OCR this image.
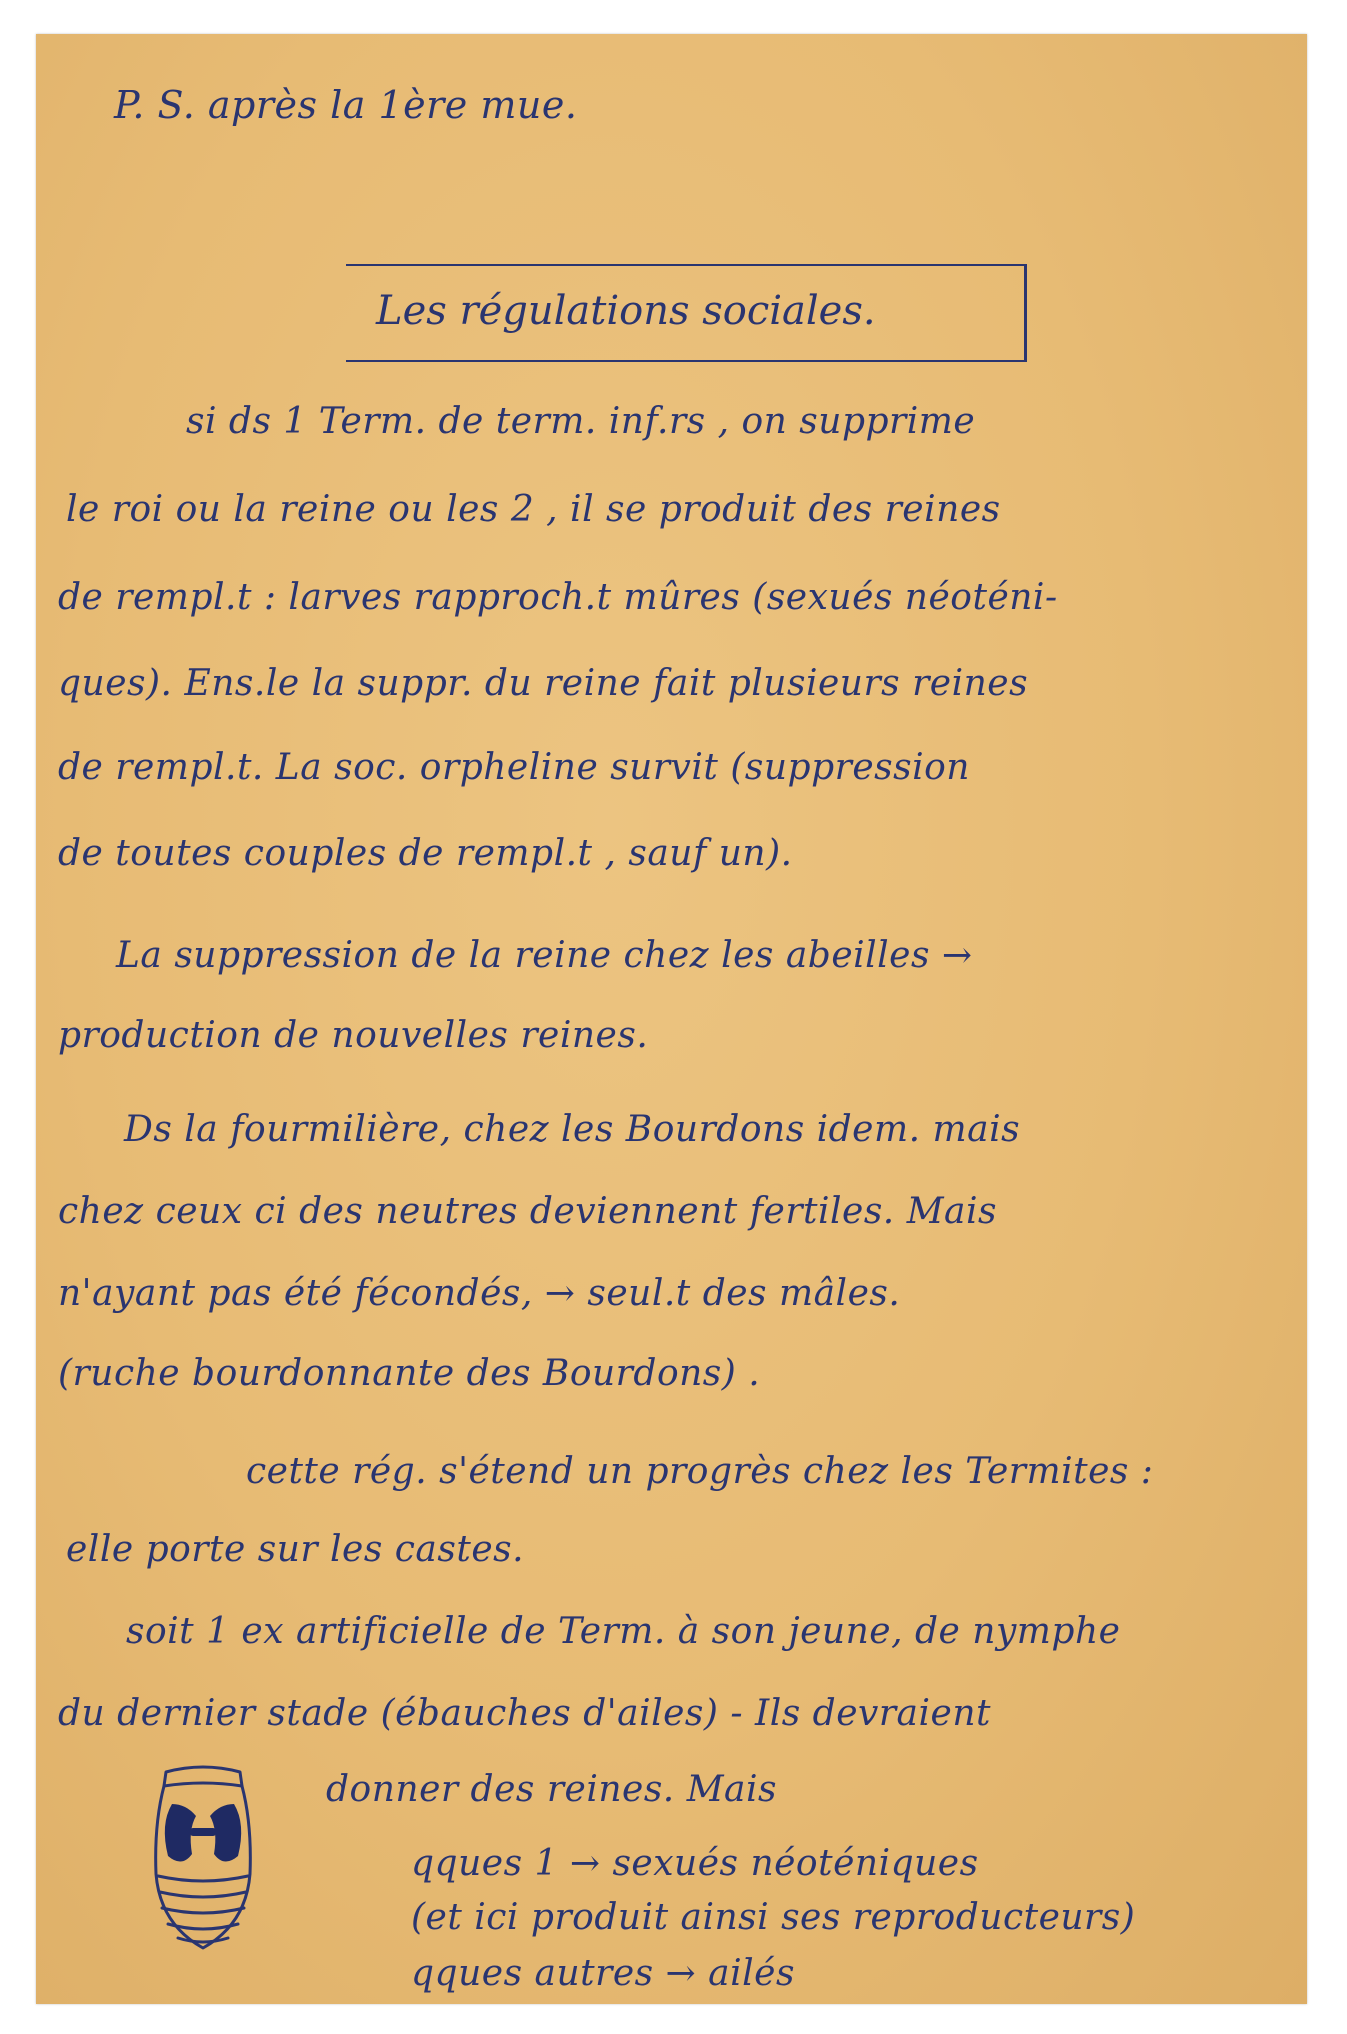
P. S. après la 1ère mue.
Les régulations sociales.
si ds 1 Term. de term. inf.rs , on supprime
le roi ou la reine ou les 2 , il se produit des reines
de rempl.t : larves rapproch.t mûres (sexués néoténi-
ques). Ens.le la suppr. du reine fait plusieurs reines
de rempl.t. La soc. orpheline survit (suppression
de toutes couples de rempl.t , sauf un).
La suppression de la reine chez les abeilles →
production de nouvelles reines.
Ds la fourmilière, chez les Bourdons idem. mais
chez ceux ci des neutres deviennent fertiles. Mais
n'ayant pas été fécondés, → seul.t des mâles.
(ruche bourdonnante des Bourdons) .
cette rég. s'étend un progrès chez les Termites :
elle porte sur les castes.
soit 1 ex artificielle de Term. à son jeune, de nymphe
du dernier stade (ébauches d'ailes) - Ils devraient
donner des reines. Mais
qques 1 → sexués néoténiques
(et ici produit ainsi ses reproducteurs)
qques autres → ailés
